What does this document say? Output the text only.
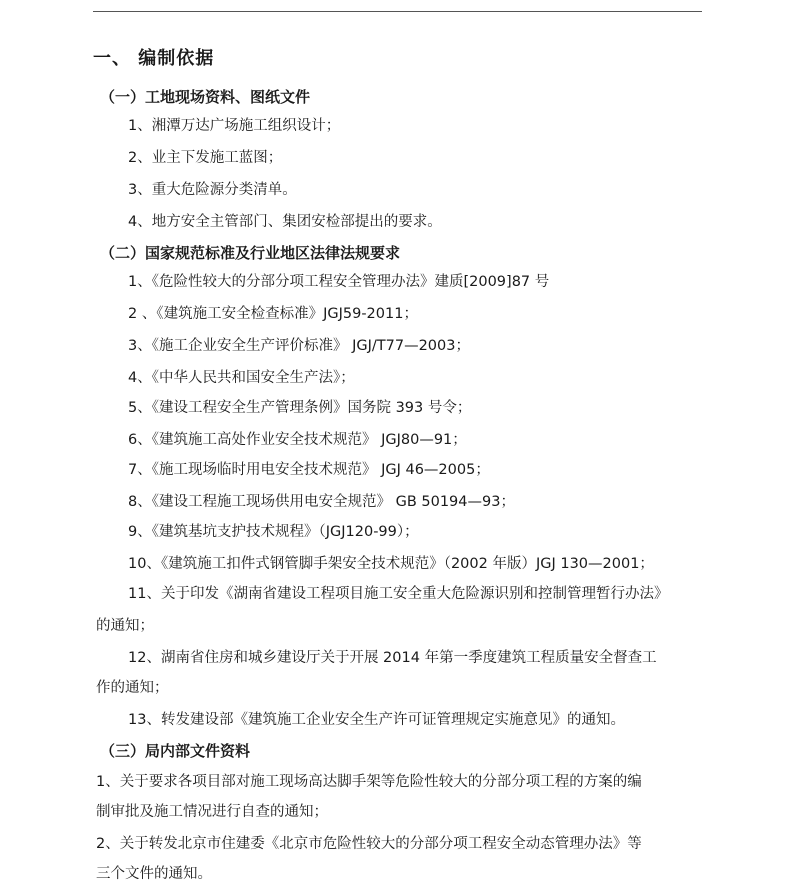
一、 编制依据
（一）工地现场资料、图纸文件
1、湘潭万达广场施工组织设计；
2、业主下发施工蓝图；
3、重大危险源分类清单。
4、地方安全主管部门、集团安检部提出的要求。
（二）国家规范标准及行业地区法律法规要求
1、《危险性较大的分部分项工程安全管理办法》建质[2009]87 号
2 、《建筑施工安全检查标准》JGJ59-2011；
3、《施工企业安全生产评价标准》 JGJ/T77—2003；
4、《中华人民共和国安全生产法》；
5、《建设工程安全生产管理条例》国务院 393 号令；
6、《建筑施工高处作业安全技术规范》 JGJ80—91；
7、《施工现场临时用电安全技术规范》 JGJ 46—2005；
8、《建设工程施工现场供用电安全规范》 GB 50194—93；
9、《建筑基坑支护技术规程》（JGJ120-99）；
10、《建筑施工扣件式钢管脚手架安全技术规范》（2002 年版）JGJ 130—2001；
11、关于印发《湖南省建设工程项目施工安全重大危险源识别和控制管理暂行办法》
的通知；
12、湖南省住房和城乡建设厅关于开展 2014 年第一季度建筑工程质量安全督查工
作的通知；
13、转发建设部《建筑施工企业安全生产许可证管理规定实施意见》的通知。
（三）局内部文件资料
1、关于要求各项目部对施工现场高达脚手架等危险性较大的分部分项工程的方案的编
制审批及施工情况进行自查的通知；
2、关于转发北京市住建委《北京市危险性较大的分部分项工程安全动态管理办法》等
三个文件的通知。
